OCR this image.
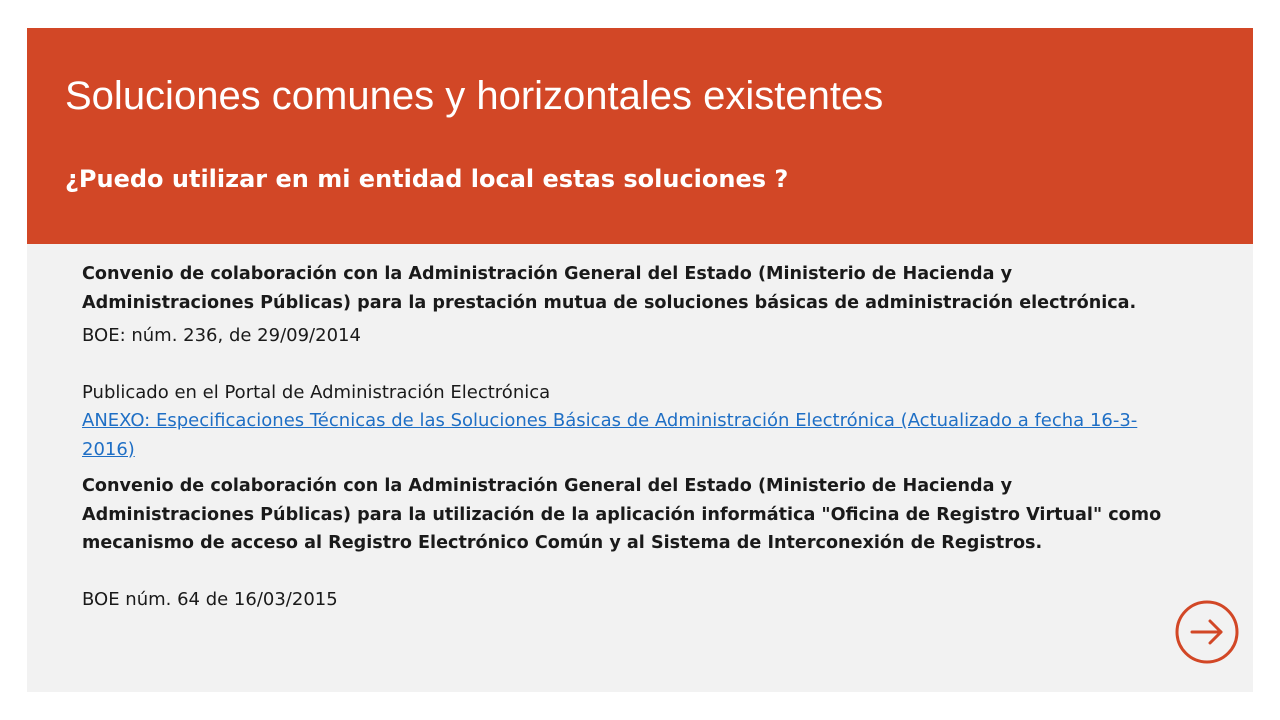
Soluciones comunes y horizontales existentes
¿Puedo utilizar en mi entidad local estas soluciones ?

Convenio de colaboración con la Administración General del Estado (Ministerio de Hacienda y Administraciones Públicas) para la prestación mutua de soluciones básicas de administración electrónica.

BOE: núm. 236, de 29/09/2014

Publicado en el Portal de Administración Electrónica

ANEXO: Especificaciones Técnicas de las Soluciones Básicas de Administración Electrónica (Actualizado a fecha 16-3-2016)

Convenio de colaboración con la Administración General del Estado (Ministerio de Hacienda y Administraciones Públicas) para la utilización de la aplicación informática "Oficina de Registro Virtual" como mecanismo de acceso al Registro Electrónico Común y al Sistema de Interconexión de Registros.

BOE núm. 64 de 16/03/2015
